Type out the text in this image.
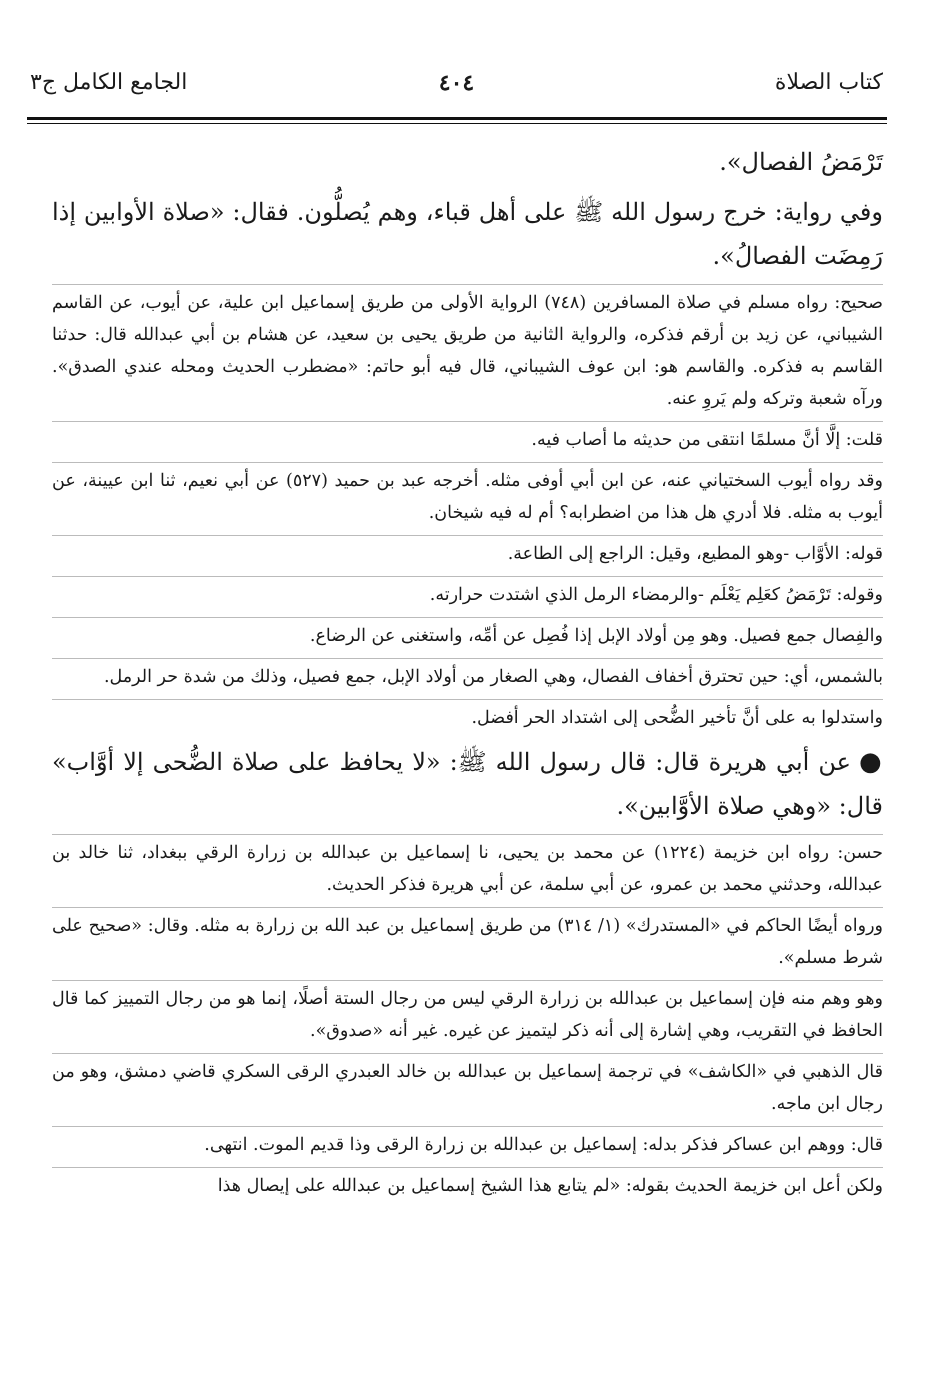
كتاب الصلاة
٤٠٤
الجامع الكامل ج٣

تَرْمَضُ الفصال».

وفي رواية: خرج رسول الله ﷺ على أهل قباء، وهم يُصلُّون. فقال: «صلاة الأوابين إذا رَمِضَت الفصالُ».

صحيح: رواه مسلم في صلاة المسافرين (٧٤٨) الرواية الأولى من طريق إسماعيل ابن علية، عن أيوب، عن القاسم الشيباني، عن زيد بن أرقم فذكره، والرواية الثانية من طريق يحيى بن سعيد، عن هشام بن أبي عبدالله قال: حدثنا القاسم به فذكره. والقاسم هو: ابن عوف الشيباني، قال فيه أبو حاتم: «مضطرب الحديث ومحله عندي الصدق». ورآه شعبة وتركه ولم يَروِ عنه.

قلت: إلَّا أنَّ مسلمًا انتقى من حديثه ما أصاب فيه.

وقد رواه أيوب السختياني عنه، عن ابن أبي أوفى مثله. أخرجه عبد بن حميد (٥٢٧) عن أبي نعيم، ثنا ابن عيينة، عن أيوب به مثله. فلا أدري هل هذا من اضطرابه؟ أم له فيه شيخان.

قوله: الأوَّاب -وهو المطيع، وقيل: الراجع إلى الطاعة.

وقوله: تَرْمَضُ كعَلِم يَعْلَم -والرمضاء الرمل الذي اشتدت حرارته.

والفِصال جمع فصيل. وهو مِن أولاد الإبل إذا فُصِل عن أمِّه، واستغنى عن الرضاع.

بالشمس، أي: حين تحترق أخفاف الفصال، وهي الصغار من أولاد الإبل، جمع فصيل، وذلك من شدة حر الرمل.

واستدلوا به على أنَّ تأخير الضُّحى إلى اشتداد الحر أفضل.

●عن أبي هريرة قال: قال رسول الله ﷺ: «لا يحافظ على صلاة الضُّحى إلا أوَّاب» قال: «وهي صلاة الأوَّابين».

حسن: رواه ابن خزيمة (١٢٢٤) عن محمد بن يحيى، نا إسماعيل بن عبدالله بن زرارة الرقي ببغداد، ثنا خالد بن عبدالله، وحدثني محمد بن عمرو، عن أبي سلمة، عن أبي هريرة فذكر الحديث.

ورواه أيضًا الحاكم في «المستدرك» (١/ ٣١٤) من طريق إسماعيل بن عبد الله بن زرارة به مثله. وقال: «صحيح على شرط مسلم».

وهو وهم منه فإن إسماعيل بن عبدالله بن زرارة الرقي ليس من رجال الستة أصلًا، إنما هو من رجال التمييز كما قال الحافظ في التقريب، وهي إشارة إلى أنه ذكر ليتميز عن غيره. غير أنه «صدوق».

قال الذهبي في «الكاشف» في ترجمة إسماعيل بن عبدالله بن خالد العبدري الرقى السكري قاضي دمشق، وهو من رجال ابن ماجه.

قال: ووهم ابن عساكر فذكر بدله: إسماعيل بن عبدالله بن زرارة الرقى وذا قديم الموت. انتهى.

ولكن أعل ابن خزيمة الحديث بقوله: «لم يتابع هذا الشيخ إسماعيل بن عبدالله على إيصال هذا
